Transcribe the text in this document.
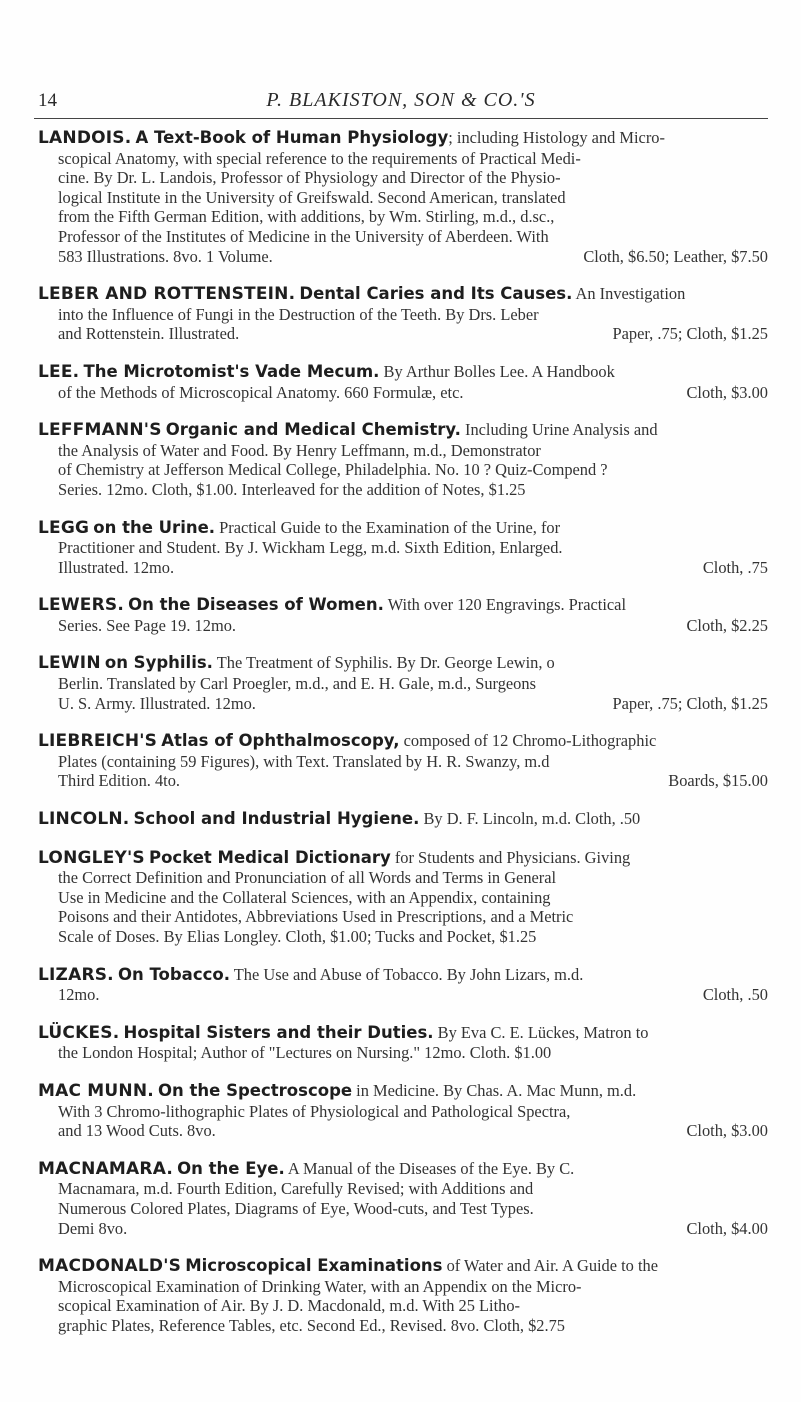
14	P. BLAKISTON, SON & CO.'S

LANDOIS. A Text-Book of Human Physiology; including Histology and Micro-

scopical Anatomy, with special reference to the requirements of Practical Medi-

cine. By Dr. L. Landois, Professor of Physiology and Director of the Physio-

logical Institute in the University of Greifswald. Second American, translated

from the Fifth German Edition, with additions, by Wm. Stirling, m.d., d.sc.,

Professor of the Institutes of Medicine in the University of Aberdeen. With

Cloth, $6.50; Leather, $7.50
583 Illustrations. 8vo. 1 Volume.

LEBER AND ROTTENSTEIN. Dental Caries and Its Causes. An Investigation

into the Influence of Fungi in the Destruction of the Teeth. By Drs. Leber

Paper, .75; Cloth, $1.25
and Rottenstein. Illustrated.

LEE. The Microtomist's Vade Mecum. By Arthur Bolles Lee. A Handbook

Cloth, $3.00
of the Methods of Microscopical Anatomy. 660 Formulæ, etc.

LEFFMANN'S Organic and Medical Chemistry. Including Urine Analysis and

the Analysis of Water and Food. By Henry Leffmann, m.d., Demonstrator

of Chemistry at Jefferson Medical College, Philadelphia. No. 10 ? Quiz-Compend ?

Series. 12mo. Cloth, $1.00. Interleaved for the addition of Notes, $1.25

LEGG on the Urine. Practical Guide to the Examination of the Urine, for

Practitioner and Student. By J. Wickham Legg, m.d. Sixth Edition, Enlarged.

Cloth, .75
Illustrated. 12mo.

LEWERS. On the Diseases of Women. With over 120 Engravings. Practical

Cloth, $2.25
Series. See Page 19. 12mo.

LEWIN on Syphilis. The Treatment of Syphilis. By Dr. George Lewin, o

Berlin. Translated by Carl Proegler, m.d., and E. H. Gale, m.d., Surgeons

Paper, .75; Cloth, $1.25
U. S. Army. Illustrated. 12mo.

LIEBREICH'S Atlas of Ophthalmoscopy, composed of 12 Chromo-Lithographic

Plates (containing 59 Figures), with Text. Translated by H. R. Swanzy, m.d

Boards, $15.00
Third Edition. 4to.

LINCOLN. School and Industrial Hygiene. By D. F. Lincoln, m.d. Cloth, .50

LONGLEY'S Pocket Medical Dictionary for Students and Physicians. Giving

the Correct Definition and Pronunciation of all Words and Terms in General

Use in Medicine and the Collateral Sciences, with an Appendix, containing

Poisons and their Antidotes, Abbreviations Used in Prescriptions, and a Metric

Scale of Doses. By Elias Longley. Cloth, $1.00; Tucks and Pocket, $1.25

LIZARS. On Tobacco. The Use and Abuse of Tobacco. By John Lizars, m.d.

Cloth, .50
12mo.

LÜCKES. Hospital Sisters and their Duties. By Eva C. E. Lückes, Matron to

the London Hospital; Author of "Lectures on Nursing." 12mo. Cloth. $1.00

MAC MUNN. On the Spectroscope in Medicine. By Chas. A. Mac Munn, m.d.

With 3 Chromo-lithographic Plates of Physiological and Pathological Spectra,

Cloth, $3.00
and 13 Wood Cuts. 8vo.

MACNAMARA. On the Eye. A Manual of the Diseases of the Eye. By C.

Macnamara, m.d. Fourth Edition, Carefully Revised; with Additions and

Numerous Colored Plates, Diagrams of Eye, Wood-cuts, and Test Types.

Cloth, $4.00
Demi 8vo.

MACDONALD'S Microscopical Examinations of Water and Air. A Guide to the

Microscopical Examination of Drinking Water, with an Appendix on the Micro-

scopical Examination of Air. By J. D. Macdonald, m.d. With 25 Litho-

graphic Plates, Reference Tables, etc. Second Ed., Revised. 8vo. Cloth, $2.75
